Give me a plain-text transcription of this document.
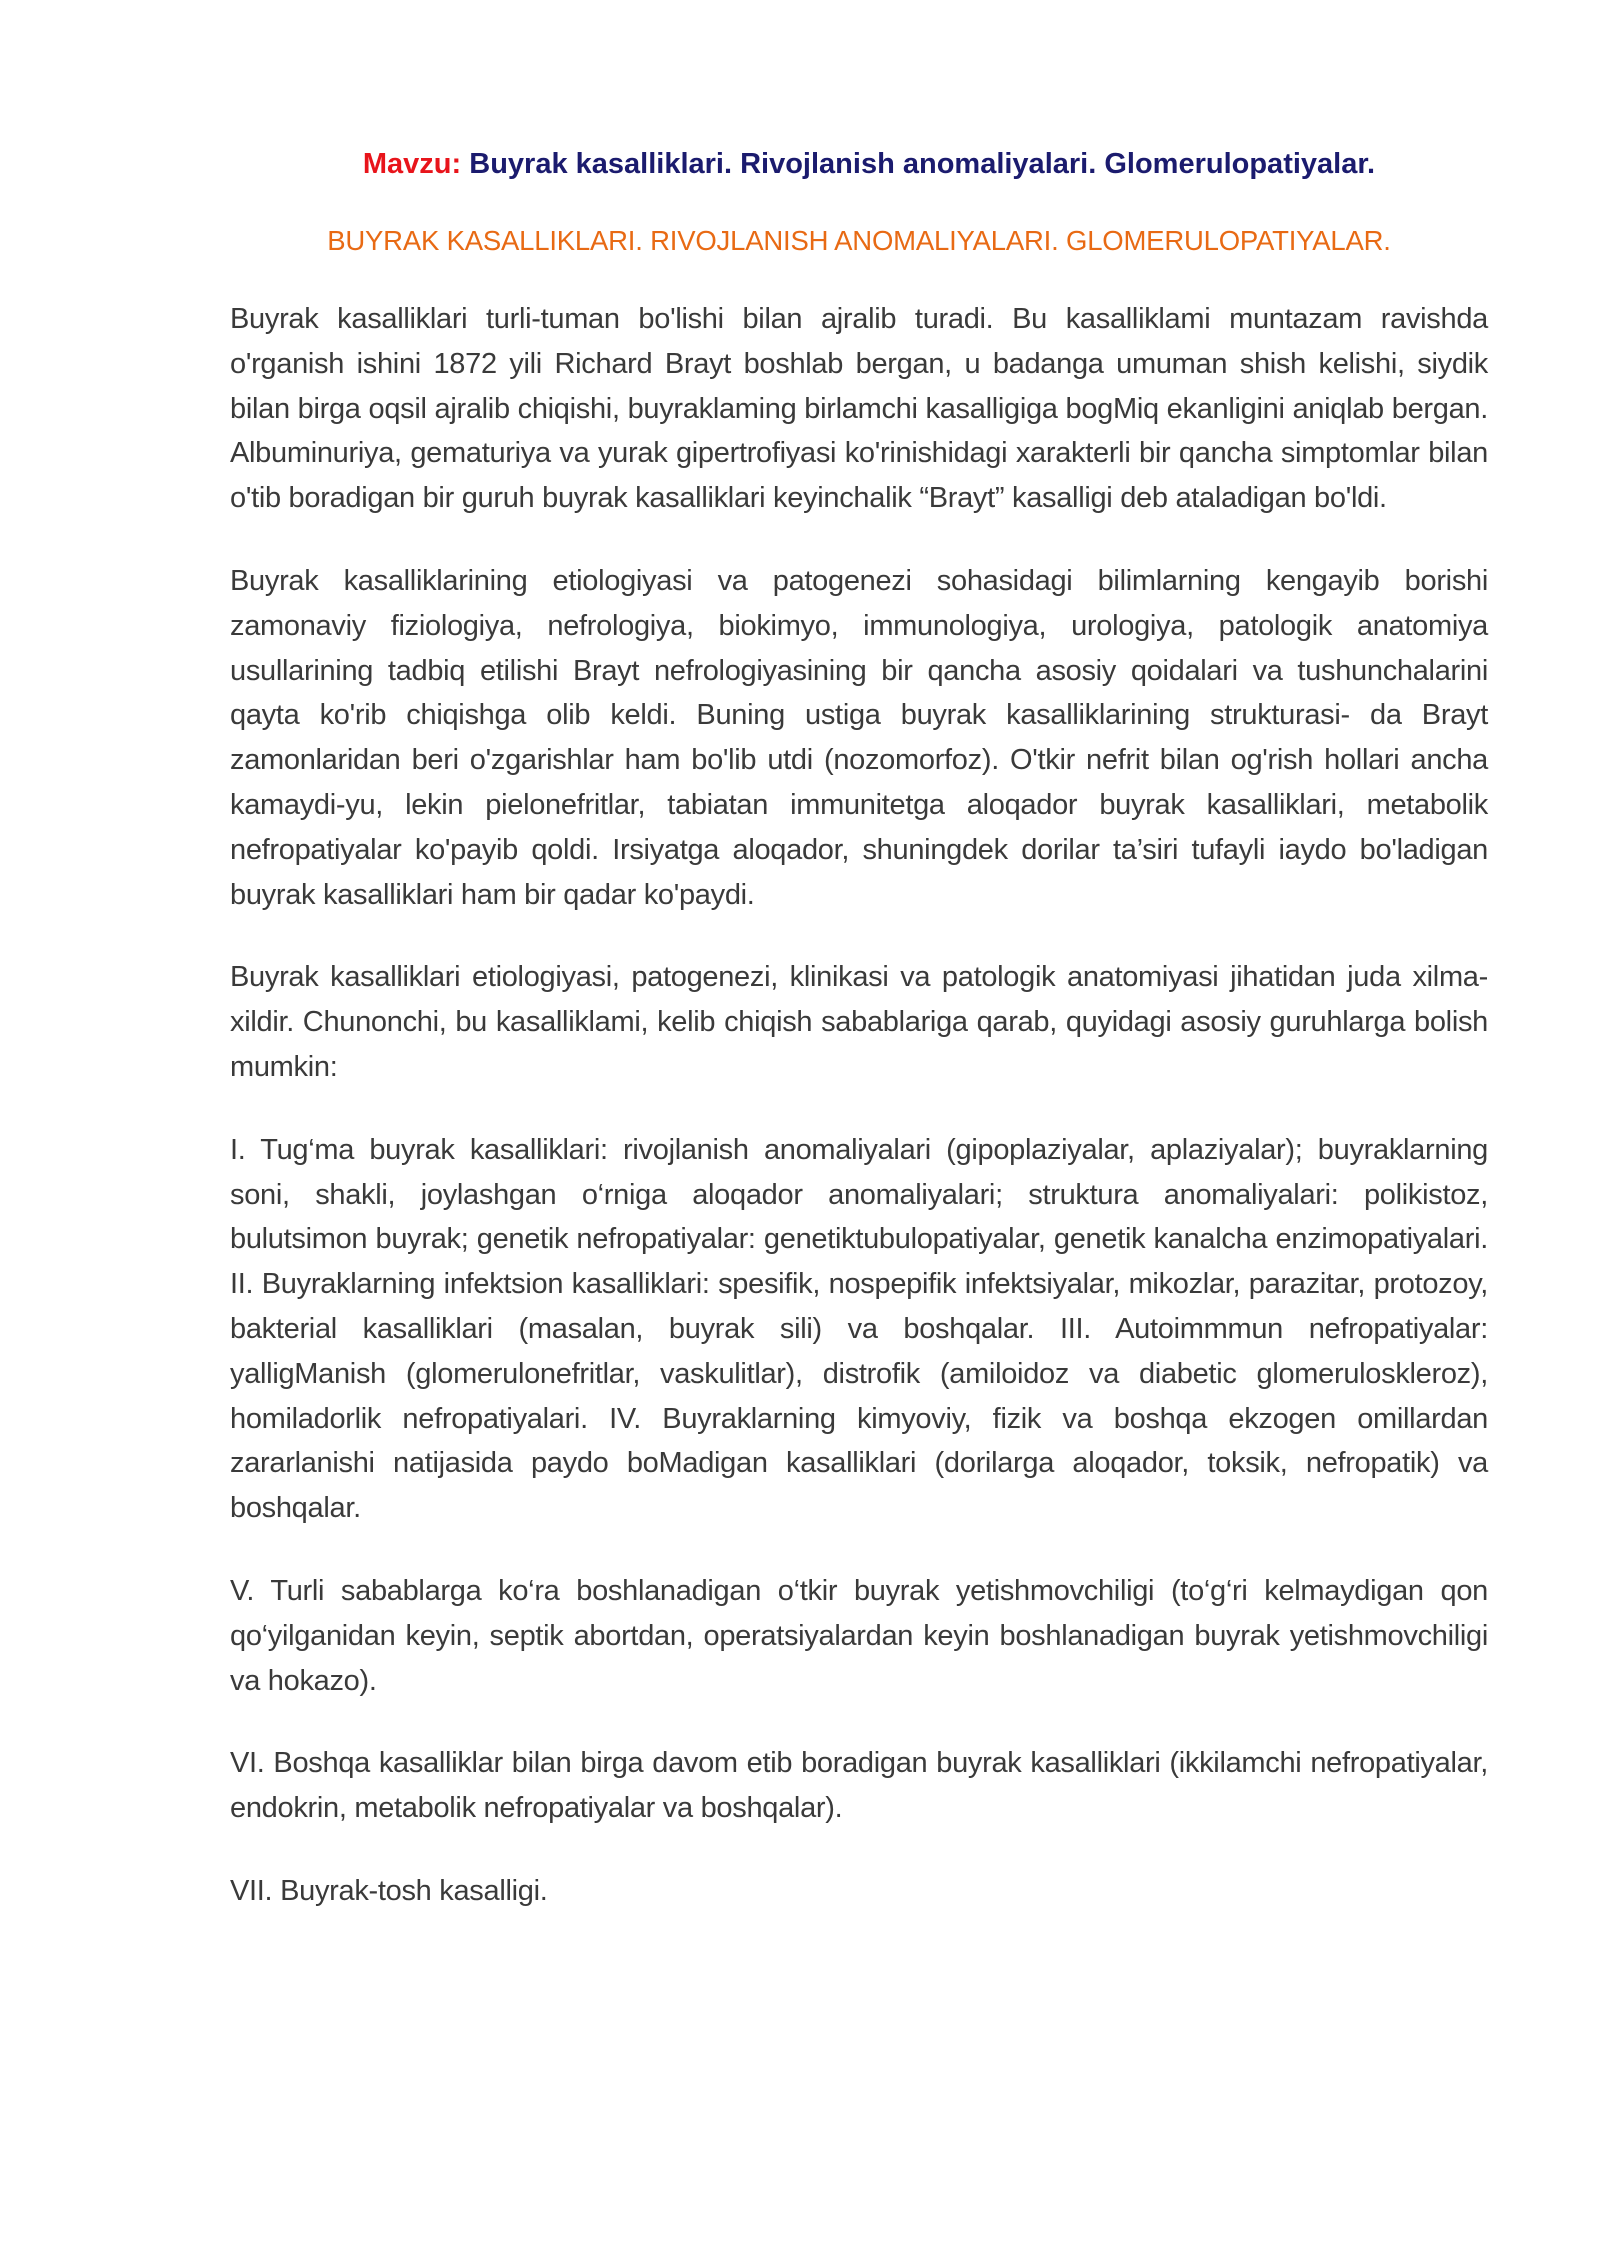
Mavzu: Buyrak kasalliklari. Rivojlanish anomaliyalari. Glomerulopatiyalar.
BUYRAK KASALLIKLARI. RIVOJLANISH ANOMALIYALARI. GLOMERULOPATIYALAR.

Buyrak kasalliklari turli-tuman bo'lishi bilan ajralib turadi. Bu kasalliklami muntazam ravishda o'rganish ishini 1872 yili Richard Brayt boshlab bergan, u badanga umuman shish kelishi, siydik bilan birga oqsil ajralib chiqishi, buyraklaming birlamchi kasalligiga bogMiq ekanligini aniqlab bergan. Albuminuriya, gematuriya va yurak gipertrofiyasi ko'rinishidagi xarakterli bir qancha simptomlar bilan o'tib boradigan bir guruh buyrak kasalliklari keyinchalik “Brayt” kasalligi deb ataladigan bo'ldi.

Buyrak kasalliklarining etiologiyasi va patogenezi sohasidagi bilimlarning kengayib borishi zamonaviy fiziologiya, nefrologiya, biokimyo, immunologiya, urologiya, patologik anatomiya usullarining tadbiq etilishi Brayt nefrologiyasining bir qancha asosiy qoidalari va tushunchalarini qayta ko'rib chiqishga olib keldi. Buning ustiga buyrak kasalliklarining strukturasi- da Brayt zamonlaridan beri o'zgarishlar ham bo'lib utdi (nozomorfoz). O'tkir nefrit bilan og'rish hollari ancha kamaydi-yu, lekin pielonefritlar, tabiatan immunitetga aloqador buyrak kasalliklari, metabolik nefropatiyalar ko'payib qoldi. Irsiyatga aloqador, shuningdek dorilar ta’siri tufayli iaydo bo'ladigan buyrak kasalliklari ham bir qadar ko'paydi.

Buyrak kasalliklari etiologiyasi, patogenezi, klinikasi va patologik anatomiyasi jihatidan juda xilma-xildir. Chunonchi, bu kasalliklami, kelib chiqish sabablariga qarab, quyidagi asosiy guruhlarga bolish mumkin:

I. Tug‘ma buyrak kasalliklari: rivojlanish anomaliyalari (gipoplaziyalar, aplaziyalar); buyraklarning soni, shakli, joylashgan o‘rniga aloqador anomaliyalari; struktura anomaliyalari: polikistoz, bulutsimon buyrak; genetik nefropatiyalar: genetiktubulopatiyalar, genetik kanalcha enzimopatiyalari. II. Buyraklarning infektsion kasalliklari: spesifik, nospepifik infektsiyalar, mikozlar, parazitar, protozoy, bakterial kasalliklari (masalan, buyrak sili) va boshqalar. III. Autoimmmun nefropatiyalar: yalligManish (glomerulonefritlar, vaskulitlar), distrofik (amiloidoz va diabetic glomeruloskleroz), homiladorlik nefropatiyalari. IV. Buyraklarning kimyoviy, fizik va boshqa ekzogen omillardan zararlanishi natijasida paydo boMadigan kasalliklari (dorilarga aloqador, toksik, nefropatik) va boshqalar.

V. Turli sabablarga ko‘ra boshlanadigan o‘tkir buyrak yetishmovchiligi (to‘g‘ri kelmaydigan qon qo‘yilganidan keyin, septik abortdan, operatsiyalardan keyin boshlanadigan buyrak yetishmovchiligi va hokazo).

VI. Boshqa kasalliklar bilan birga davom etib boradigan buyrak kasalliklari (ikkilamchi nefropatiyalar, endokrin, metabolik nefropatiyalar va boshqalar).

VII. Buyrak-tosh kasalligi.
